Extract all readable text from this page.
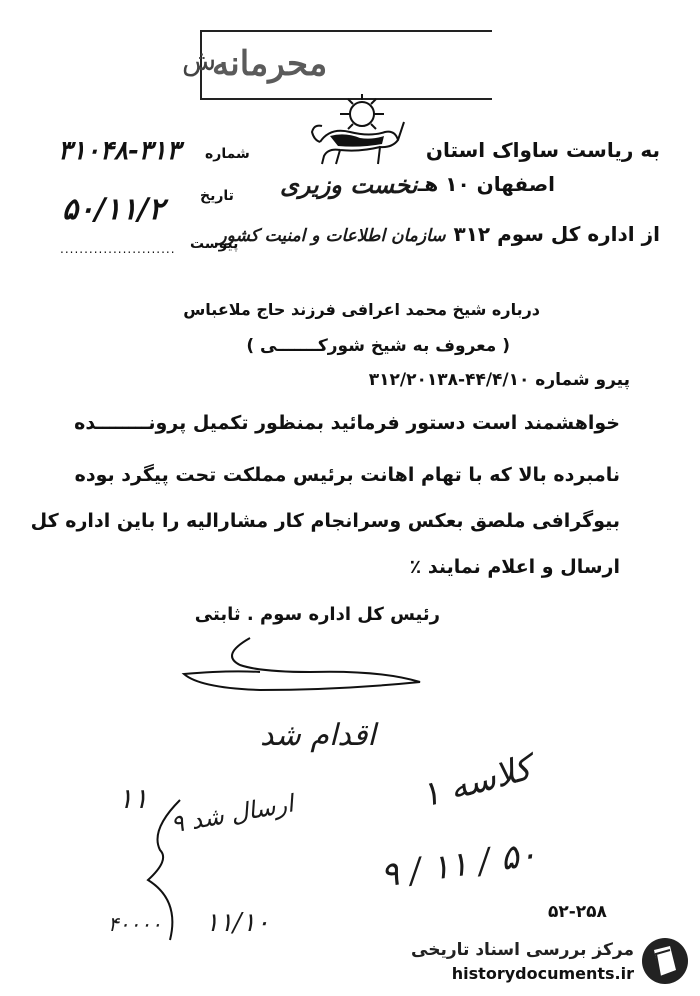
ش
محرمانه
نخست وزیری
به ریاست ساواک استان
اصفهان ۱۰ هـ
از اداره کل سوم ۳۱۲
سازمان اطلاعات و امنیت کشور
شماره
۳۱۰۴۸-۳۱۳
تاریخ
۵۰/۱۱/۲
پیوست
........................
درباره شیخ محمد اعرافی فرزند حاج ملاعباس
( معروف به شیخ شورکـــــــی )
پیرو شماره ۴۴/۴/۱۰-۳۱۲/۲۰۱۳۸
خواهشمند است دستور فرمائید بمنظور تکمیل پرونــــــــده
نامبرده بالا که با تهام اهانت برئیس مملکت تحت پیگرد بوده
بیوگرافی ملصق بعکس وسرانجام کار مشارالیه را باین اداره کل
ارسال و اعلام نمایند ٪
رئیس کل اداره سوم . ثابتی
اقدام شد
۱۱
ارسال شد ۹
۹ / ۱۱ / ۵۰
کلاسه ۱
۱۱/۱۰
۴۰۰۰۰	۵۲-۲۵۸
مرکز بررسی اسناد تاریخی
historydocuments.ir
